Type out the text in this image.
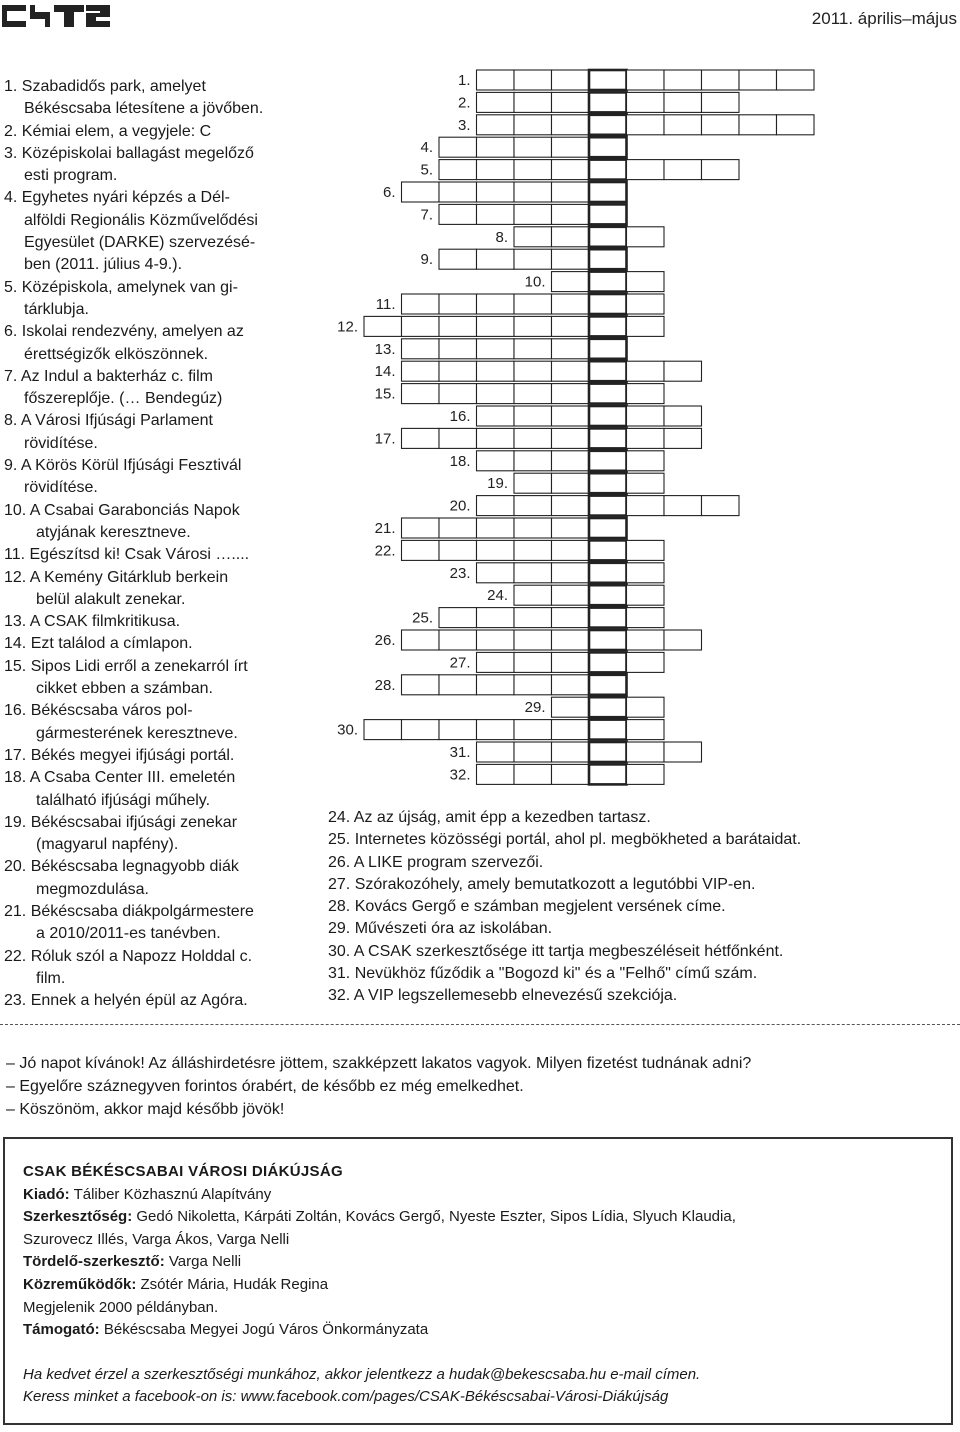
2011. április–május
1. Szabadidős park, amelyet
Békéscsaba létesítene a jövőben.
2. Kémiai elem, a vegyjele: C
3. Középiskolai ballagást megelőző
esti program.
4. Egyhetes nyári képzés a Dél-
alföldi Regionális Közművelődési
Egyesület (DARKE) szervezésé-
ben (2011. július 4-9.).
5. Középiskola, amelynek van gi-
tárklubja.
6. Iskolai rendezvény, amelyen az
érettségizők elköszönnek.
7. Az Indul a bakterház c. film
főszereplője. (… Bendegúz)
8. A Városi Ifjúsági Parlament
rövidítése.
9. A Körös Körül Ifjúsági Fesztivál
rövidítése.
10. A Csabai Garabonciás Napok
atyjának keresztneve.
11. Egészítsd ki! Csak Városi …....
12. A Kemény Gitárklub berkein
belül alakult zenekar.
13. A CSAK filmkritikusa.
14. Ezt találod a címlapon.
15. Sipos Lidi erről a zenekarról írt
cikket ebben a számban.
16. Békéscsaba város pol-
gármesterének keresztneve.
17. Békés megyei ifjúsági portál.
18. A Csaba Center III. emeletén
található ifjúsági műhely.
19. Békéscsabai ifjúsági zenekar
(magyarul napfény).
20. Békéscsaba legnagyobb diák
megmozdulása.
21. Békéscsaba diákpolgármestere
a 2010/2011-es tanévben.
22. Róluk szól a Napozz Holddal c.
film.
23. Ennek a helyén épül az Agóra.
1.
2.
3.
4.
5.
6.
7.
8.
9.
10.
11.
12.
13.
14.
15.
16.
17.
18.
19.
20.
21.
22.
23.
24.
25.
26.
27.
28.
29.
30.
31.
32.
24. Az az újság, amit épp a kezedben tartasz.
25. Internetes közösségi portál, ahol pl. megbökheted a barátaidat.
26. A LIKE program szervezői.
27. Szórakozóhely, amely bemutatkozott a legutóbbi VIP-en.
28. Kovács Gergő e számban megjelent versének címe.
29. Művészeti óra az iskolában.
30. A CSAK szerkesztősége itt tartja megbeszéléseit hétfőnként.
31. Nevükhöz fűződik a "Bogozd ki" és a "Felhő" című szám.
32. A VIP legszellemesebb elnevezésű szekciója.
– Jó napot kívánok! Az álláshirdetésre jöttem, szakképzett lakatos vagyok. Milyen fizetést tudnának adni?
– Egyelőre száznegyven forintos órabért, de később ez még emelkedhet.
– Köszönöm, akkor majd később jövök!
CSAK BÉKÉSCSABAI VÁROSI DIÁKÚJSÁG
Kiadó: Táliber Közhasznú Alapítvány
Szerkesztőség: Gedó Nikoletta, Kárpáti Zoltán, Kovács Gergő, Nyeste Eszter, Sipos Lídia, Slyuch Klaudia,
Szurovecz Illés, Varga Ákos, Varga Nelli
Tördelő-szerkesztő: Varga Nelli
Közreműködők: Zsótér Mária, Hudák Regina
Megjelenik 2000 példányban.
Támogató: Békéscsaba Megyei Jogú Város Önkormányzata
Ha kedvet érzel a szerkesztőségi munkához, akkor jelentkezz a hudak@bekescsaba.hu e-mail címen.
Keress minket a facebook-on is: www.facebook.com/pages/CSAK-Békéscsabai-Városi-Diákújság
